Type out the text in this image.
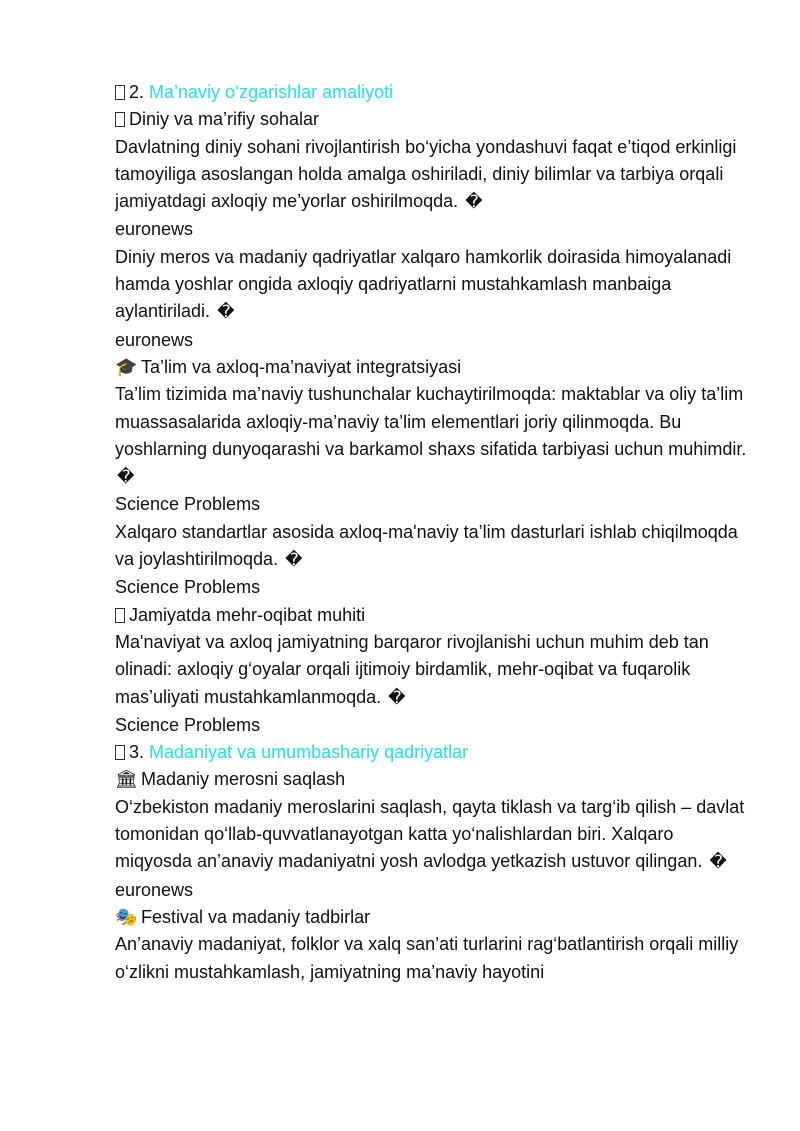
2. Ma’naviy o‘zgarishlar amaliyoti
Diniy va ma’rifiy sohalar
Davlatning diniy sohani rivojlantirish bo‘yicha yondashuvi faqat e’tiqod erkinligi tamoyiliga asoslangan holda amalga oshiriladi, diniy bilimlar va tarbiya orqali jamiyatdagi axloqiy me’yorlar oshirilmoqda. �
euronews
Diniy meros va madaniy qadriyatlar xalqaro hamkorlik doirasida himoyalanadi hamda yoshlar ongida axloqiy qadriyatlarni mustahkamlash manbaiga aylantiriladi. �
euronews
🎓 Ta’lim va axloq-ma’naviyat integratsiyasi
Ta’lim tizimida ma’naviy tushunchalar kuchaytirilmoqda: maktablar va oliy ta’lim muassasalarida axloqiy-ma’naviy ta’lim elementlari joriy qilinmoqda. Bu yoshlarning dunyoqarashi va barkamol shaxs sifatida tarbiyasi uchun muhimdir. �
Science Problems
Xalqaro standartlar asosida axloq-ma'naviy ta’lim dasturlari ishlab chiqilmoqda va joylashtirilmoqda. �
Science Problems
Jamiyatda mehr-oqibat muhiti
Ma'naviyat va axloq jamiyatning barqaror rivojlanishi uchun muhim deb tan olinadi: axloqiy g‘oyalar orqali ijtimoiy birdamlik, mehr-oqibat va fuqarolik mas’uliyati mustahkamlanmoqda. �
Science Problems
3. Madaniyat va umumbashariy qadriyatlar
🏛 Madaniy merosni saqlash
O‘zbekiston madaniy meroslarini saqlash, qayta tiklash va targ‘ib qilish – davlat tomonidan qo‘llab-quvvatlanayotgan katta yo‘nalishlardan biri. Xalqaro miqyosda an’anaviy madaniyatni yosh avlodga yetkazish ustuvor qilingan. �
euronews
🎭 Festival va madaniy tadbirlar
An’anaviy madaniyat, folklor va xalq san’ati turlarini rag‘batlantirish orqali milliy o‘zlikni mustahkamlash, jamiyatning ma’naviy hayotini
